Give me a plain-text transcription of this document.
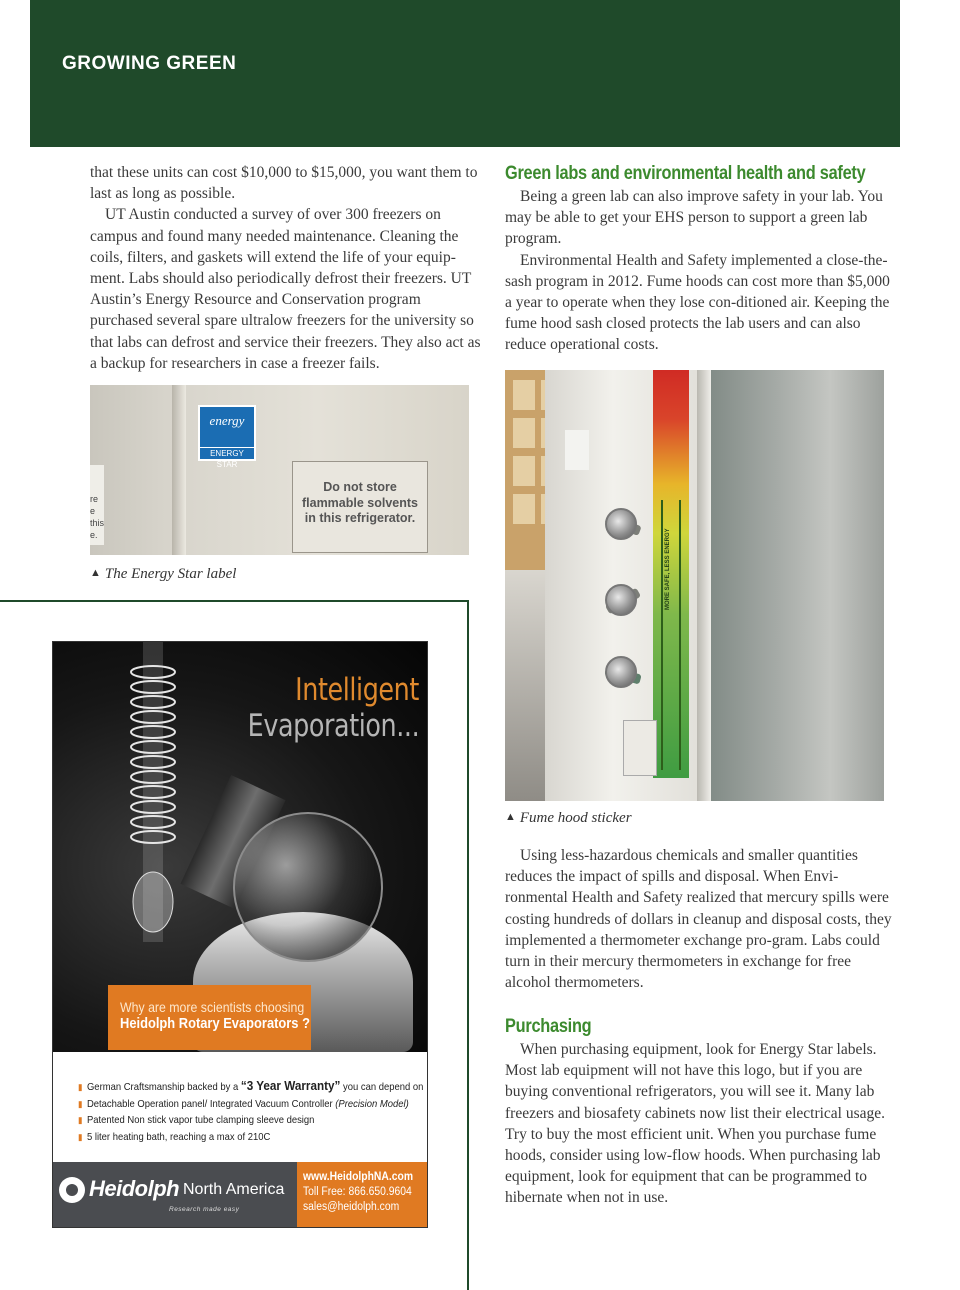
GROWING GREEN

that these units can cost $10,000 to $15,000, you want them to last as long as possible.

UT Austin conducted a survey of over 300 freezers on campus and found many needed maintenance. Cleaning the coils, filters, and gaskets will extend the life of your equip-ment. Labs should also periodically defrost their freezers. UT Austin’s Energy Resource and Conservation program purchased several spare ultralow freezers for the university so that labs can defrost and service their freezers. They also act as a backup for researchers in case a freezer fails.

re e this e.
energy
ENERGY STAR
Do not store flammable solvents in this refrigerator.
▲ The Energy Star label
Intelligent
Evaporation...
Why are more scientists choosing
Heidolph Rotary Evaporators ?
▮ German Craftsmanship backed by a “3 Year Warranty” you can depend on
▮ Detachable Operation panel/ Integrated Vacuum Controller (Precision Model)
▮ Patented Non stick vapor tube clamping sleeve design
▮ 5 liter heating bath, reaching a max of 210C
Heidolph North America
Research made easy
www.HeidolphNA.com
Toll Free: 866.650.9604
sales@heidolph.com
Green labs and environmental health and safety

Being a green lab can also improve safety in your lab. You may be able to get your EHS person to support a green lab program.

Environmental Health and Safety implemented a close-the-sash program in 2012. Fume hoods can cost more than $5,000 a year to operate when they lose con-ditioned air. Keeping the fume hood sash closed protects the lab users and can also reduce operational costs.

MORE SAFE, LESS ENERGY
▲ Fume hood sticker

Using less-hazardous chemicals and smaller quantities reduces the impact of spills and disposal. When Envi-ronmental Health and Safety realized that mercury spills were costing hundreds of dollars in cleanup and disposal costs, they implemented a thermometer exchange pro-gram. Labs could turn in their mercury thermometers in exchange for free alcohol thermometers.

Purchasing

When purchasing equipment, look for Energy Star labels. Most lab equipment will not have this logo, but if you are buying conventional refrigerators, you will see it. Many lab freezers and biosafety cabinets now list their electrical usage. Try to buy the most efficient unit. When you purchase fume hoods, consider using low-flow hoods. When purchasing lab equipment, look for equipment that can be programmed to hibernate when not in use.
